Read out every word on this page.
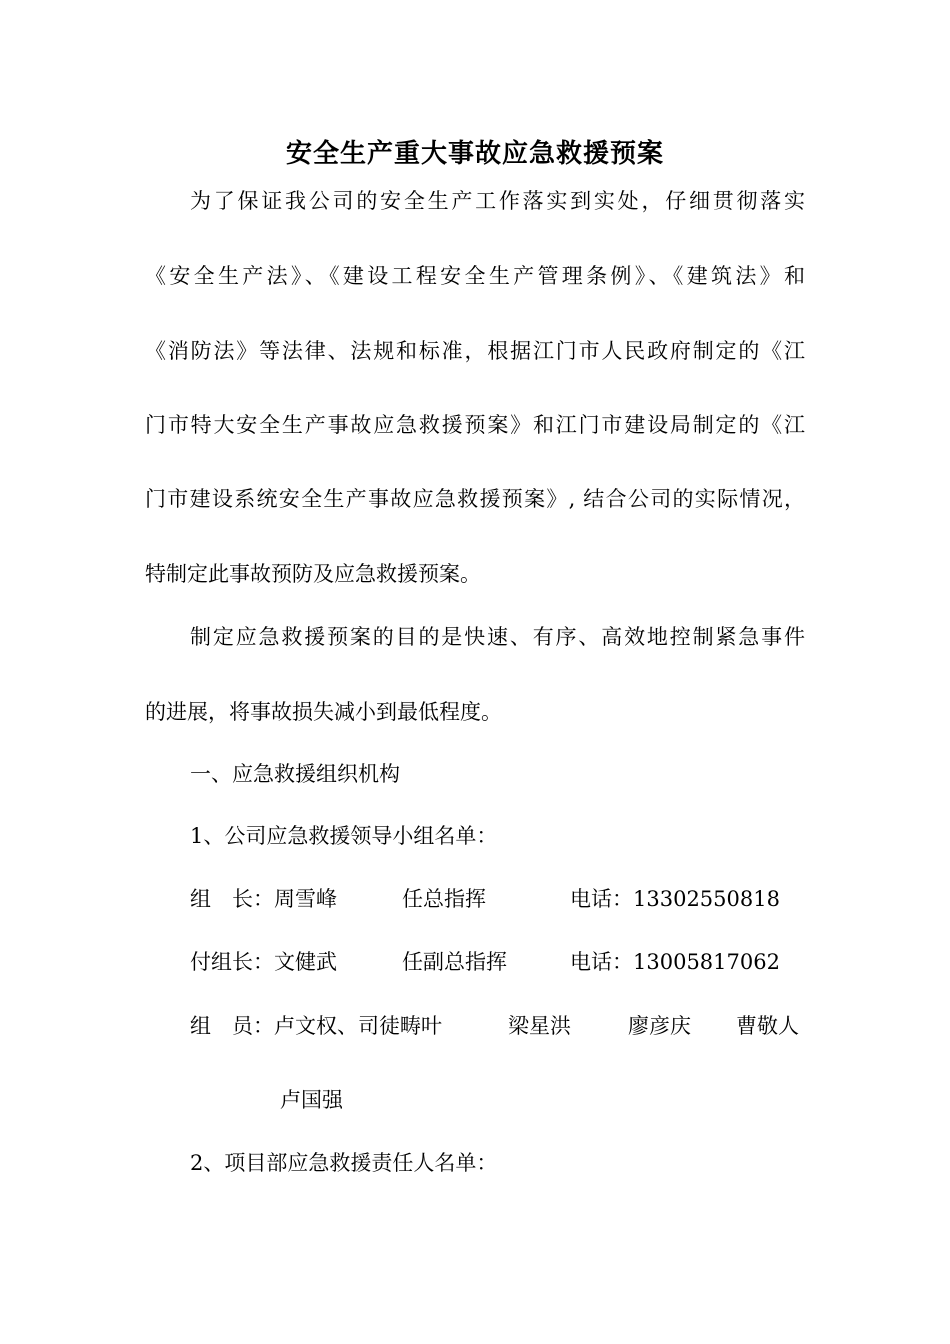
安全生产重大事故应急救援预案
为了保证我公司的安全生产工作落实到实处，仔细贯彻落实
《安全生产法》、《建设工程安全生产管理条例》、《建筑法》和
《消防法》等法律、法规和标准，根据江门市人民政府制定的《江
门市特大安全生产事故应急救援预案》和江门市建设局制定的《江
门市建设系统安全生产事故应急救援预案》, 结合公司的实际情况，
特制定此事故预防及应急救援预案。
制定应急救援预案的目的是快速、有序、高效地控制紧急事件
的进展，将事故损失减小到最低程度。
一、应急救援组织机构
1、公司应急救援领导小组名单：
组　长：周雪峰	任总指挥	电话：13302550818
付组长：文健武	任副总指挥	电话：13005817062
组　员：卢文权、司徒畴叶	梁星洪	廖彦庆 曹敬人
卢国强
2、项目部应急救援责任人名单：
